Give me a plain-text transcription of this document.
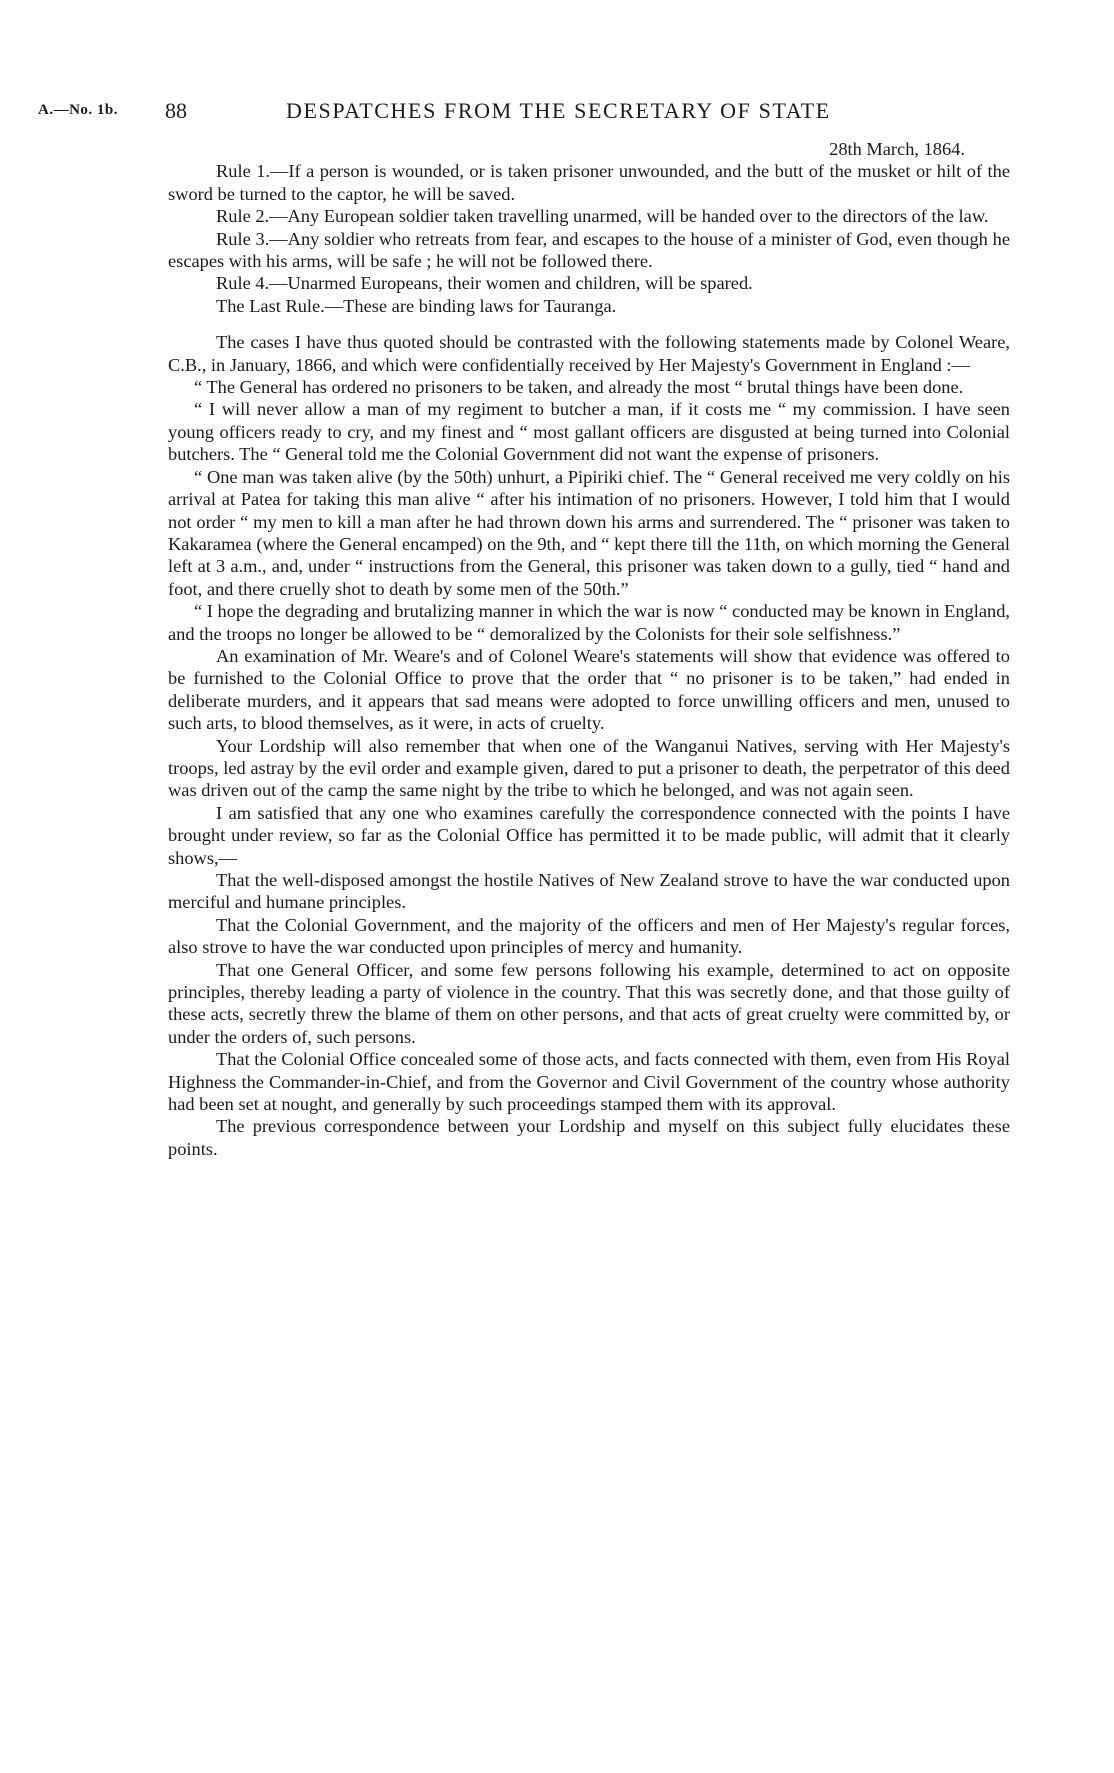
A.—No. 1b. 88	DESPATCHES FROM THE SECRETARY OF STATE

28th March, 1864.

Rule 1.—If a person is wounded, or is taken prisoner unwounded, and the butt of the musket or hilt of the sword be turned to the captor, he will be saved.

Rule 2.—Any European soldier taken travelling unarmed, will be handed over to the directors of the law.

Rule 3.—Any soldier who retreats from fear, and escapes to the house of a minister of God, even though he escapes with his arms, will be safe ; he will not be followed there.

Rule 4.—Unarmed Europeans, their women and children, will be spared.

The Last Rule.—These are binding laws for Tauranga.

The cases I have thus quoted should be contrasted with the following statements made by Colonel Weare, C.B., in January, 1866, and which were confidentially received by Her Majesty's Government in England :—

“ The General has ordered no prisoners to be taken, and already the most “ brutal things have been done.

“ I will never allow a man of my regiment to butcher a man, if it costs me “ my commission. I have seen young officers ready to cry, and my finest and “ most gallant officers are disgusted at being turned into Colonial butchers. The “ General told me the Colonial Government did not want the expense of prisoners.

“ One man was taken alive (by the 50th) unhurt, a Pipiriki chief. The “ General received me very coldly on his arrival at Patea for taking this man alive “ after his intimation of no prisoners. However, I told him that I would not order “ my men to kill a man after he had thrown down his arms and surrendered. The “ prisoner was taken to Kakaramea (where the General encamped) on the 9th, and “ kept there till the 11th, on which morning the General left at 3 a.m., and, under “ instructions from the General, this prisoner was taken down to a gully, tied “ hand and foot, and there cruelly shot to death by some men of the 50th.”

“ I hope the degrading and brutalizing manner in which the war is now “ conducted may be known in England, and the troops no longer be allowed to be “ demoralized by the Colonists for their sole selfishness.”

An examination of Mr. Weare's and of Colonel Weare's statements will show that evidence was offered to be furnished to the Colonial Office to prove that the order that “ no prisoner is to be taken,” had ended in deliberate murders, and it appears that sad means were adopted to force unwilling officers and men, unused to such arts, to blood themselves, as it were, in acts of cruelty.

Your Lordship will also remember that when one of the Wanganui Natives, serving with Her Majesty's troops, led astray by the evil order and example given, dared to put a prisoner to death, the perpetrator of this deed was driven out of the camp the same night by the tribe to which he belonged, and was not again seen.

I am satisfied that any one who examines carefully the correspondence connected with the points I have brought under review, so far as the Colonial Office has permitted it to be made public, will admit that it clearly shows,—

That the well-disposed amongst the hostile Natives of New Zealand strove to have the war conducted upon merciful and humane principles.

That the Colonial Government, and the majority of the officers and men of Her Majesty's regular forces, also strove to have the war conducted upon principles of mercy and humanity.

That one General Officer, and some few persons following his example, determined to act on opposite principles, thereby leading a party of violence in the country. That this was secretly done, and that those guilty of these acts, secretly threw the blame of them on other persons, and that acts of great cruelty were committed by, or under the orders of, such persons.

That the Colonial Office concealed some of those acts, and facts connected with them, even from His Royal Highness the Commander-in-Chief, and from the Governor and Civil Government of the country whose authority had been set at nought, and generally by such proceedings stamped them with its approval.

The previous correspondence between your Lordship and myself on this subject fully elucidates these points.
